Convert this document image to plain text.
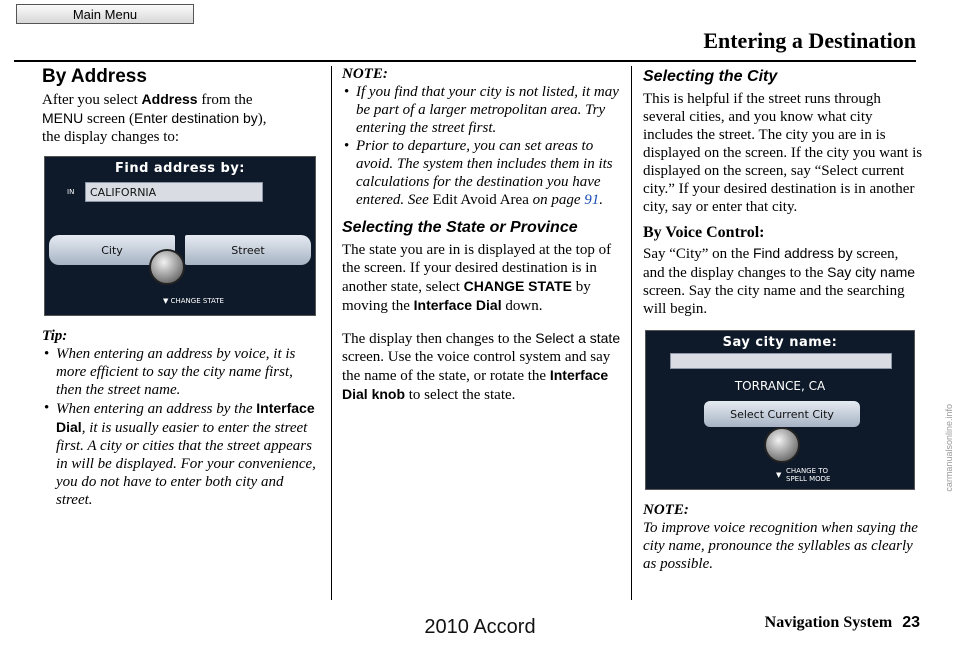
Main Menu
Entering a Destination
By Address

After you select Address from the
MENU screen (Enter destination by),
the display changes to:

Find address by:
IN	CALIFORNIA
City	Street
▼ CHANGE STATE
Tip:
• When entering an address by voice, it is more efficient to say the city name first, then the street name.
• When entering an address by the Interface Dial, it is usually easier to enter the street first. A city or cities that the street appears in will be displayed. For your convenience, you do not have to enter both city and street.
NOTE:
• If you find that your city is not listed, it may be part of a larger metropolitan area. Try entering the street first.
• Prior to departure, you can set areas to avoid. The system then includes them in its calculations for the destination you have entered. See Edit Avoid Area on page 91.
Selecting the State or Province

The state you are in is displayed at the top of the screen. If your desired destination is in another state, select CHANGE STATE by moving the Interface Dial down.

The display then changes to the Select a state screen. Use the voice control system and say the name of the state, or rotate the Interface Dial knob to select the state.

Selecting the City

This is helpful if the street runs through several cities, and you know what city includes the street. The city you are in is displayed on the screen. If the city you want is displayed on the screen, say “Select current city.” If your desired destination is in another city, say or enter that city.

By Voice Control:

Say “City” on the Find address by screen, and the display changes to the Say city name screen. Say the city name and the searching will begin.

Say city name:
TORRANCE, CA
Select Current City
▼ CHANGE TO
SPELL MODE
NOTE:

To improve voice recognition when saying the city name, pronounce the syllables as clearly as possible.

Navigation System 23
2010 Accord
carmanualsonline.info
